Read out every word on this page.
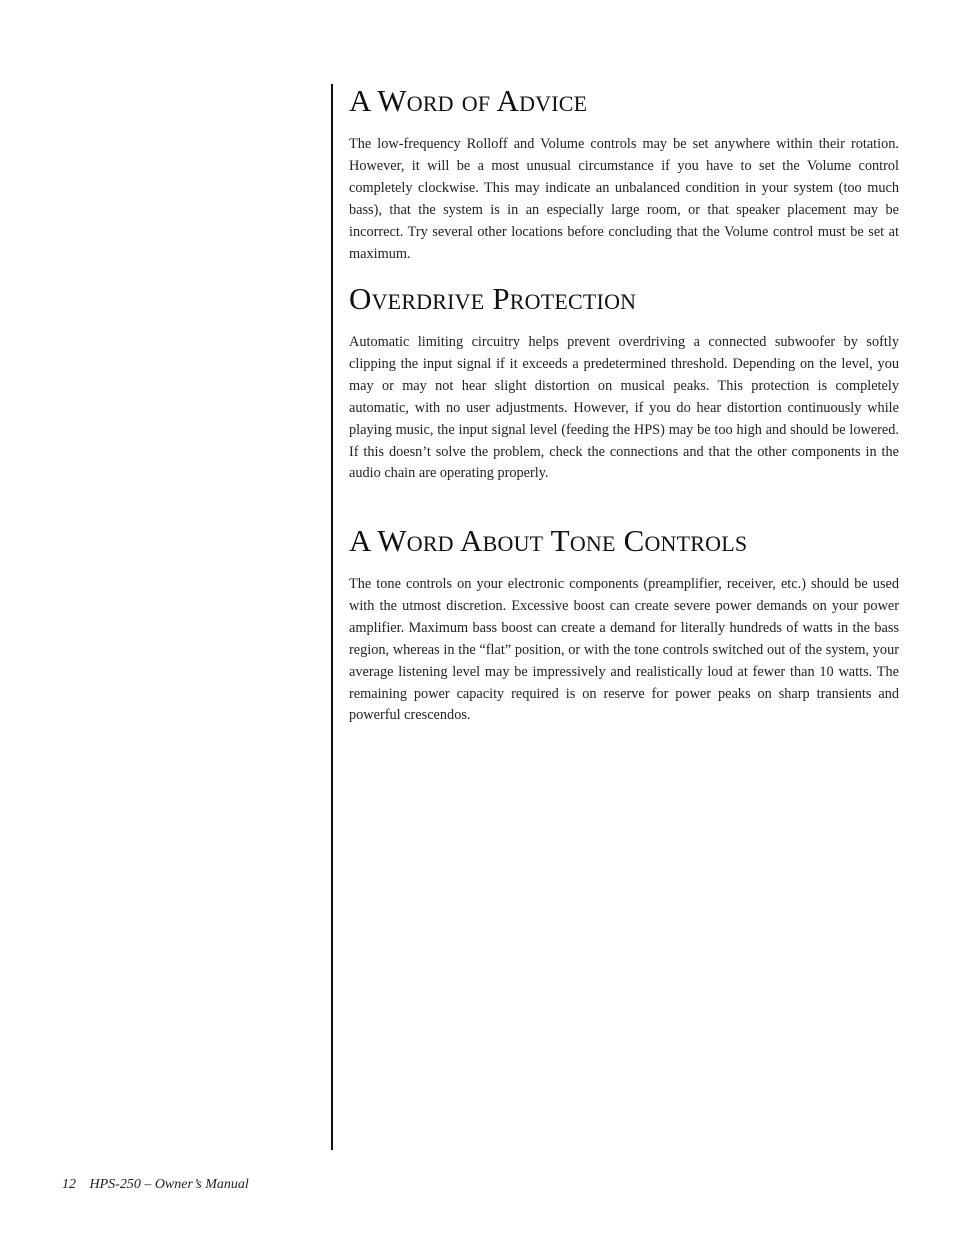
A Word of Advice

The low-frequency Rolloff and Volume controls may be set anywhere within their rotation. However, it will be a most unusual circumstance if you have to set the Volume control completely clockwise. This may indicate an unbalanced condition in your system (too much bass), that the system is in an especially large room, or that speaker placement may be incorrect. Try several other locations before concluding that the Volume control must be set at maximum.

Overdrive Protection

Automatic limiting circuitry helps prevent overdriving a connected subwoofer by softly clipping the input signal if it exceeds a predetermined threshold. Depending on the level, you may or may not hear slight distortion on musical peaks. This protection is completely automatic, with no user adjustments. However, if you do hear distortion continuously while playing music, the input signal level (feeding the HPS) may be too high and should be lowered. If this doesn’t solve the problem, check the connections and that the other components in the audio chain are operating properly.

A Word About Tone Controls

The tone controls on your electronic components (preamplifier, receiver, etc.) should be used with the utmost discretion. Excessive boost can create severe power demands on your power amplifier. Maximum bass boost can create a demand for literally hundreds of watts in the bass region, whereas in the “flat” position, or with the tone controls switched out of the system, your average listening level may be impressively and realistically loud at fewer than 10 watts. The remaining power capacity required is on reserve for power peaks on sharp transients and powerful crescendos.

12 HPS-250 – Owner’s Manual
